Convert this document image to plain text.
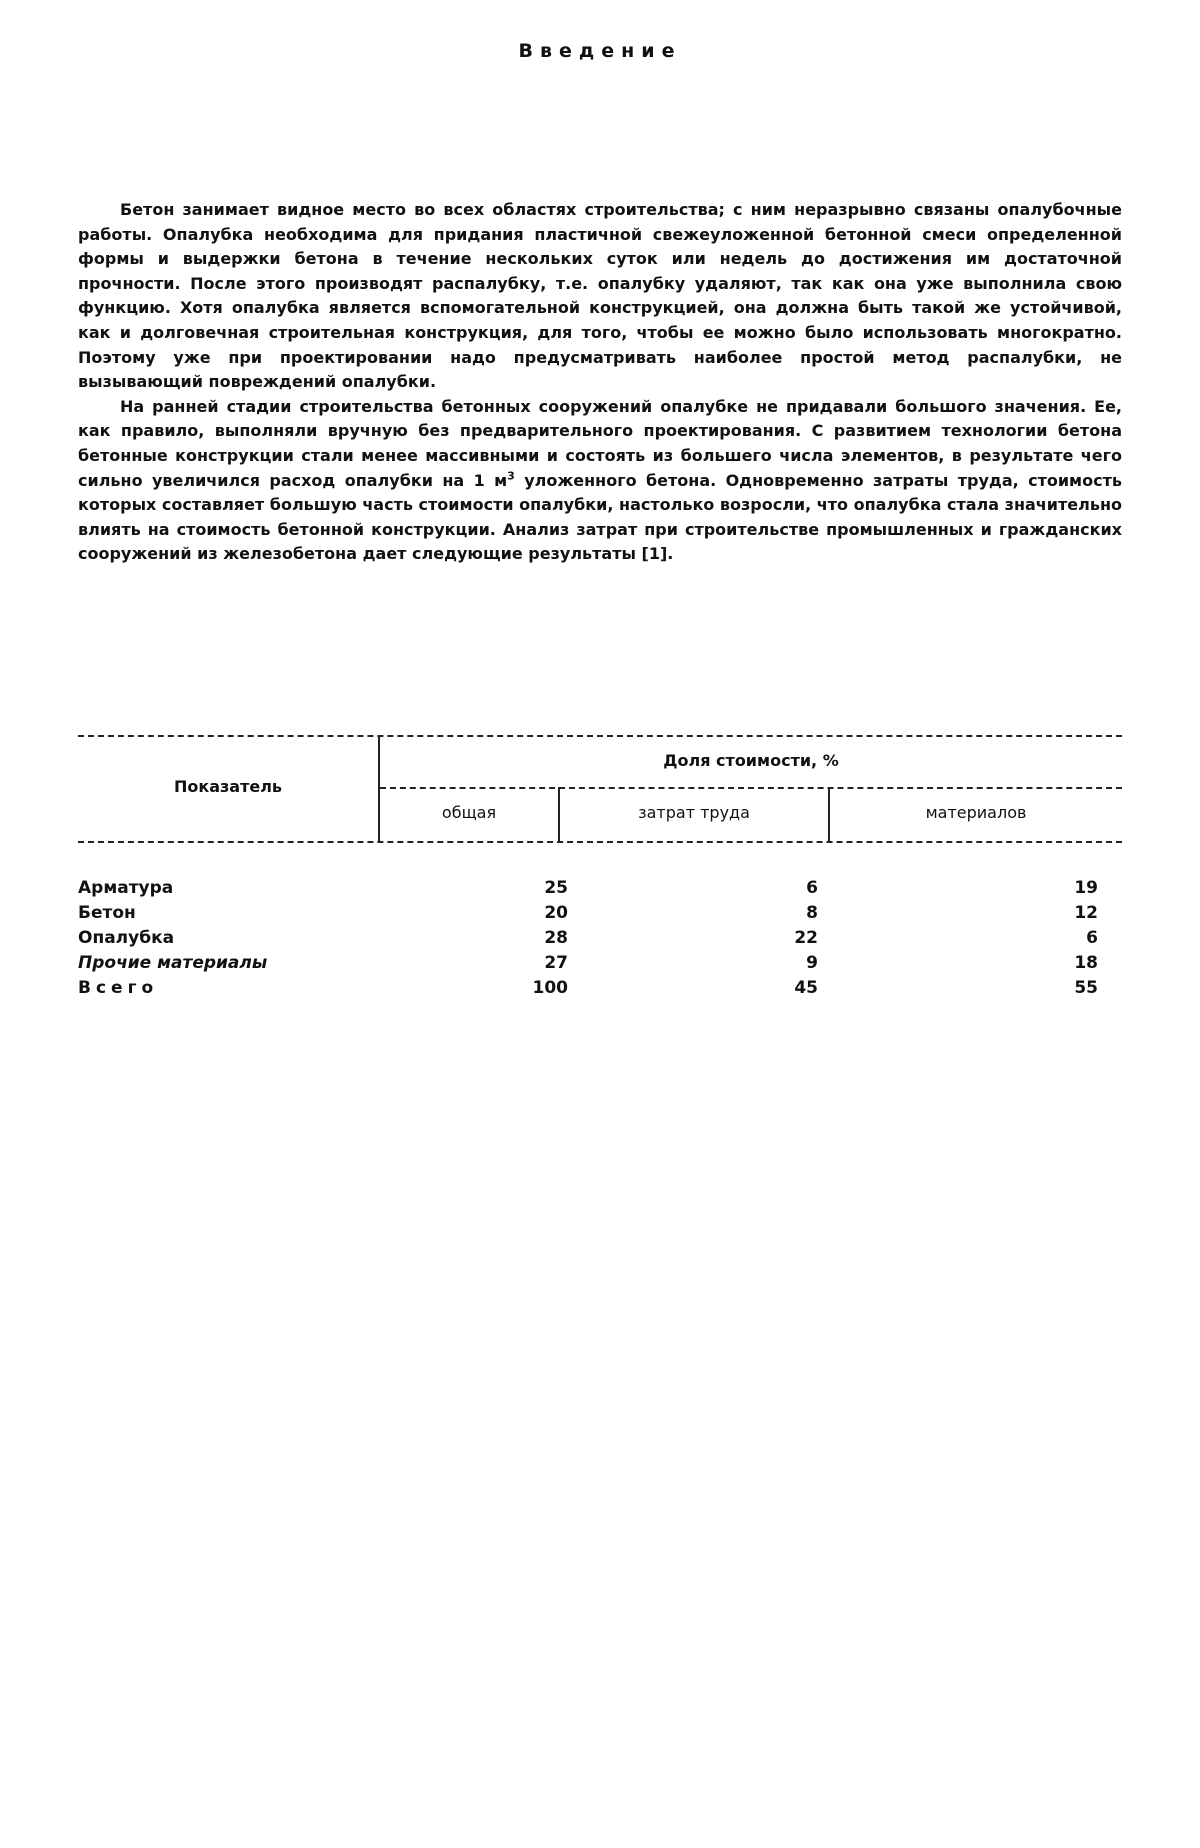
Введение

Бетон занимает видное место во всех областях строительства; с ним неразрывно связаны опалубочные работы. Опалубка необходима для придания пластичной свежеуложенной бетонной смеси определенной формы и выдержки бетона в течение нескольких суток или недель до достижения им достаточной прочности. После этого производят распалубку, т.е. опалубку удаляют, так как она уже выполнила свою функцию. Хотя опалубка является вспомогательной конструкцией, она должна быть такой же устойчивой, как и долговечная строительная конструкция, для того, чтобы ее можно было использовать многократно. Поэтому уже при проектировании надо предусматривать наиболее простой метод распалубки, не вызывающий повреждений опалубки.

На ранней стадии строительства бетонных сооружений опалубке не придавали большого значения. Ее, как правило, выполняли вручную без предварительного проектирования. С развитием технологии бетона бетонные конструкции стали менее массивными и состоять из большего числа элементов, в результате чего сильно увеличился расход опалубки на 1 $м^3$ уложенного бетона. Одновременно затраты труда, стоимость которых составляет большую часть стоимости опалубки, настолько возросли, что опалубка стала значительно влиять на стоимость бетонной конструкции. Анализ затрат при строительстве промышленных и гражданских сооружений из железобетона дает следующие результаты [1].

Показатель
Доля стоимости, %
общая	затрат труда	материалов
Арматура	25	6	19
Бетон	20	8	12
Опалубка	28	22	6
Прочие материалы	27	9	18
Всего	100	45	55
